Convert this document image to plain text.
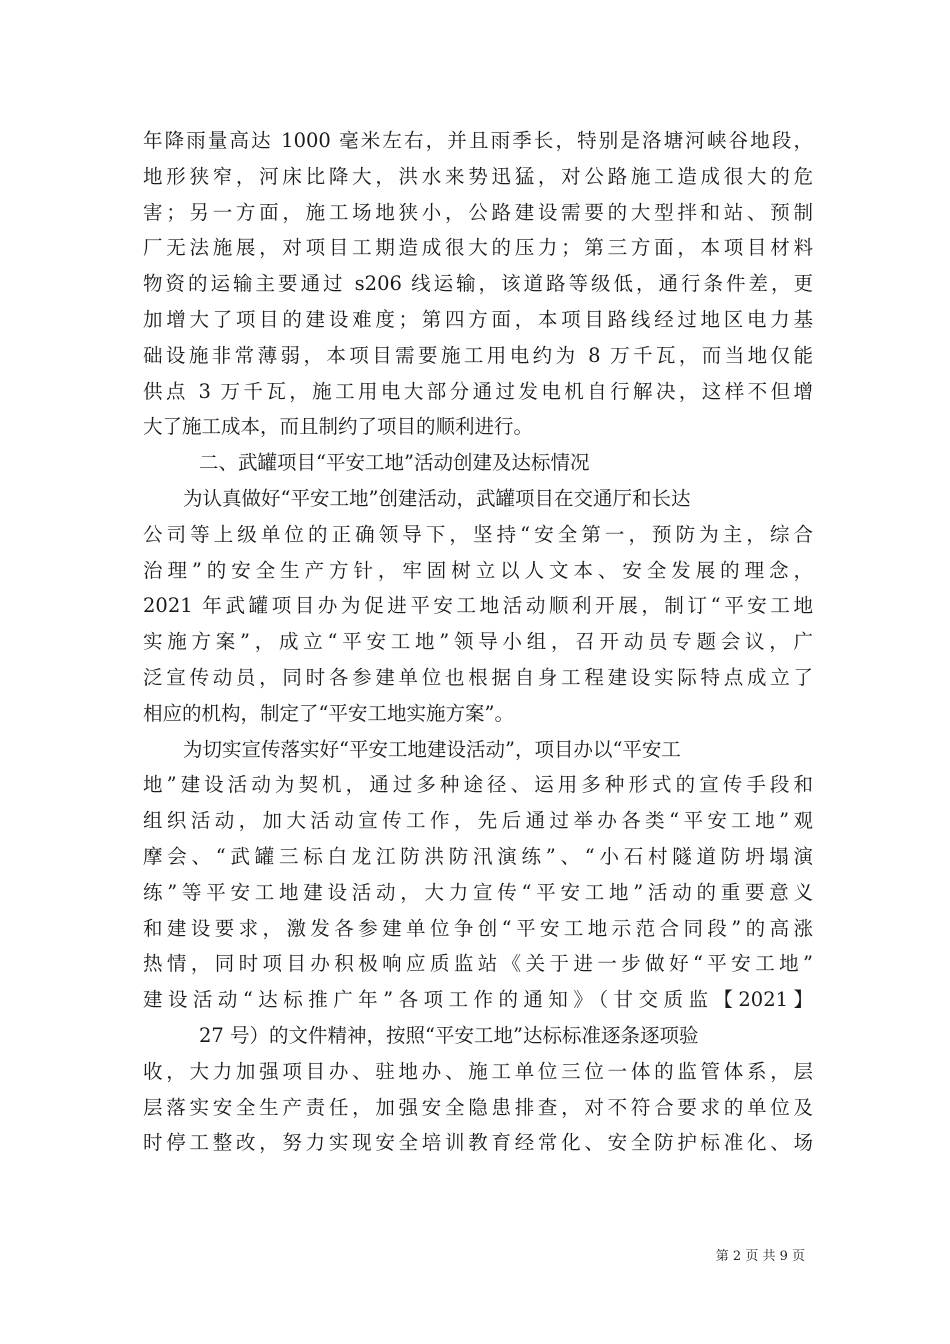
年降雨量高达 1000 毫米左右，并且雨季长，特别是洛塘河峡谷地段，
地形狭窄，河床比降大，洪水来势迅猛，对公路施工造成很大的危
害；另一方面，施工场地狭小，公路建设需要的大型拌和站、预制
厂无法施展，对项目工期造成很大的压力；第三方面，本项目材料
物资的运输主要通过 s206 线运输，该道路等级低，通行条件差，更
加增大了项目的建设难度；第四方面，本项目路线经过地区电力基
础设施非常薄弱，本项目需要施工用电约为 8 万千瓦，而当地仅能
供点 3 万千瓦，施工用电大部分通过发电机自行解决，这样不但增
大了施工成本，而且制约了项目的顺利进行。
二、武罐项目“平安工地”活动创建及达标情况
为认真做好“平安工地”创建活动，武罐项目在交通厅和长达
公司等上级单位的正确领导下，坚持“安全第一，预防为主，综合
治理”的安全生产方针，牢固树立以人文本、安全发展的理念，
2021 年武罐项目办为促进平安工地活动顺利开展，制订“平安工地
实施方案”，成立“平安工地”领导小组，召开动员专题会议，广
泛宣传动员，同时各参建单位也根据自身工程建设实际特点成立了
相应的机构，制定了“平安工地实施方案”。
为切实宣传落实好“平安工地建设活动”，项目办以“平安工
地”建设活动为契机，通过多种途径、运用多种形式的宣传手段和
组织活动，加大活动宣传工作，先后通过举办各类“平安工地”观
摩会、“武罐三标白龙江防洪防汛演练”、“小石村隧道防坍塌演
练”等平安工地建设活动，大力宣传“平安工地”活动的重要意义
和建设要求，激发各参建单位争创“平安工地示范合同段”的高涨
热情，同时项目办积极响应质监站《关于进一步做好“平安工地”
建设活动“达标推广年”各项工作的通知》（甘交质监【2021】
27 号）的文件精神，按照“平安工地”达标标准逐条逐项验
收，大力加强项目办、驻地办、施工单位三位一体的监管体系，层
层落实安全生产责任，加强安全隐患排查，对不符合要求的单位及
时停工整改，努力实现安全培训教育经常化、安全防护标准化、场
第 2 页 共 9 页
